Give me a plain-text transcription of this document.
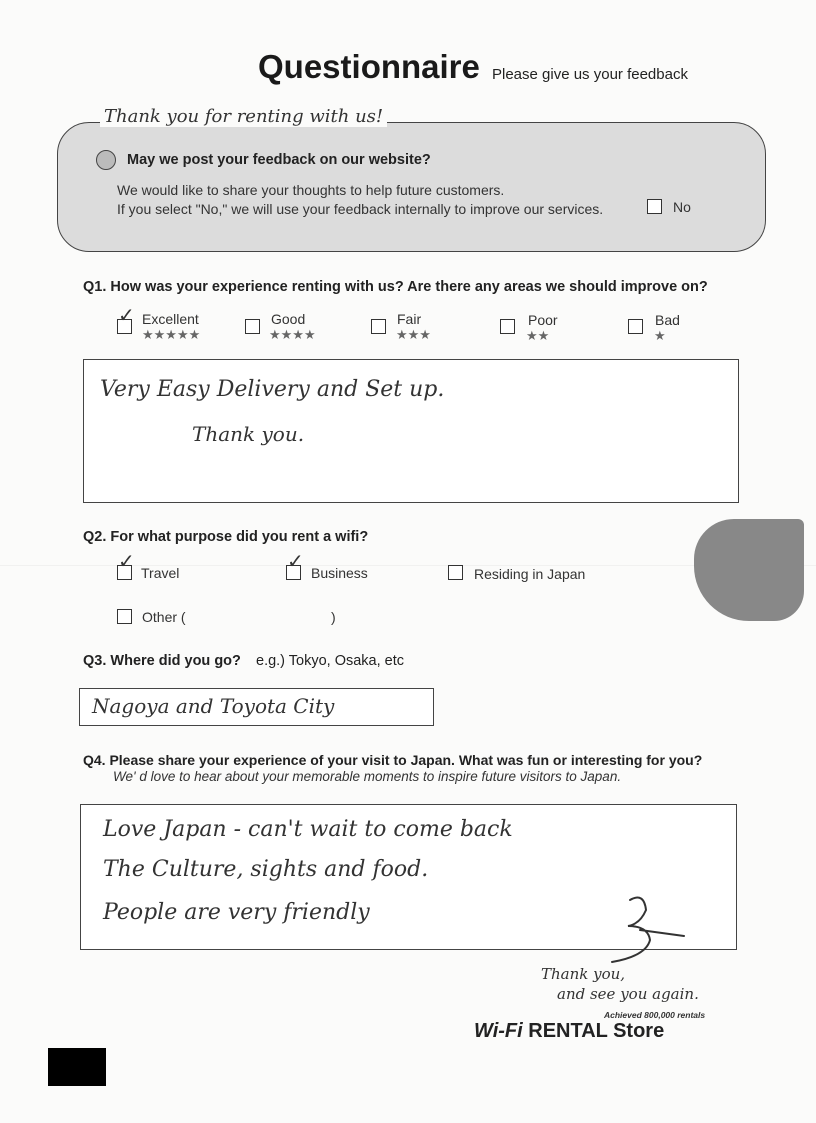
Questionnaire Please give us your feedback
Thank you for renting with us!
May we post your feedback on our website?
We would like to share your thoughts to help future customers.
If you select "No," we will use your feedback internally to improve our services.	No
Q1. How was your experience renting with us? Are there any areas we should improve on?
✓ Excellent
★★★★★
Good
★★★★
Fair
★★★
Poor
★★
Bad
★
Very Easy Delivery and Set up.
Thank you.
Q2. For what purpose did you rent a wifi?
✓ Travel	✓ Business	Residing in Japan
Other (	)
Q3. Where did you go? e.g.) Tokyo, Osaka, etc
Nagoya and Toyota City
Q4. Please share your experience of your visit to Japan. What was fun or interesting for you?
We' d love to hear about your memorable moments to inspire future visitors to Japan.
Love Japan - can't wait to come back
The Culture, sights and food.
People are very friendly
Thank you,
and see you again.
Achieved 800,000 rentals
Wi-Fi RENTAL Store
